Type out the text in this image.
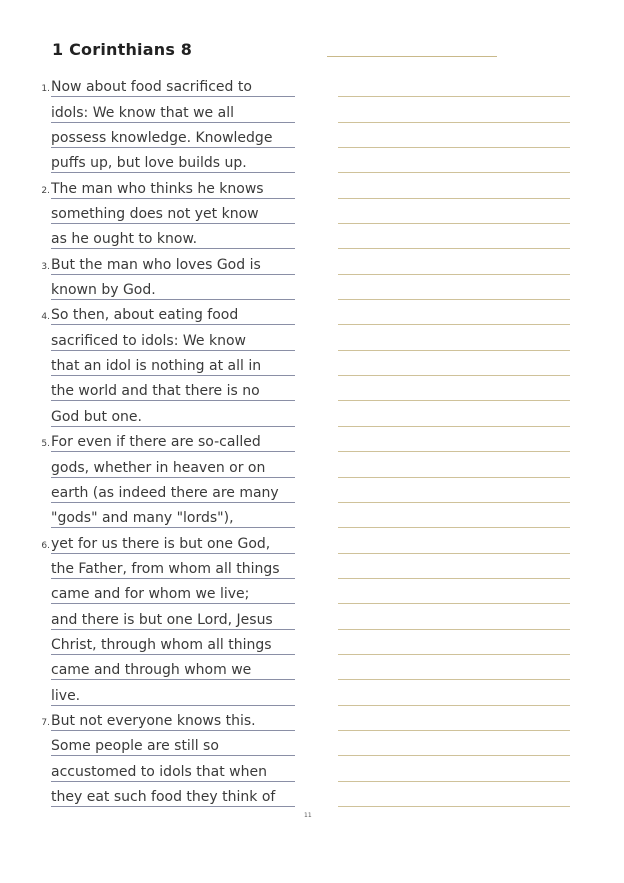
1 Corinthians 8
1. Now about food sacrificed to
idols: We know that we all
possess knowledge. Knowledge
puffs up, but love builds up.
2. The man who thinks he knows
something does not yet know
as he ought to know.
3. But the man who loves God is
known by God.
4. So then, about eating food
sacrificed to idols: We know
that an idol is nothing at all in
the world and that there is no
God but one.
5. For even if there are so-called
gods, whether in heaven or on
earth (as indeed there are many
"gods" and many "lords"),
6. yet for us there is but one God,
the Father, from whom all things
came and for whom we live;
and there is but one Lord, Jesus
Christ, through whom all things
came and through whom we
live.
7. But not everyone knows this.
Some people are still so
accustomed to idols that when
they eat such food they think of
11
